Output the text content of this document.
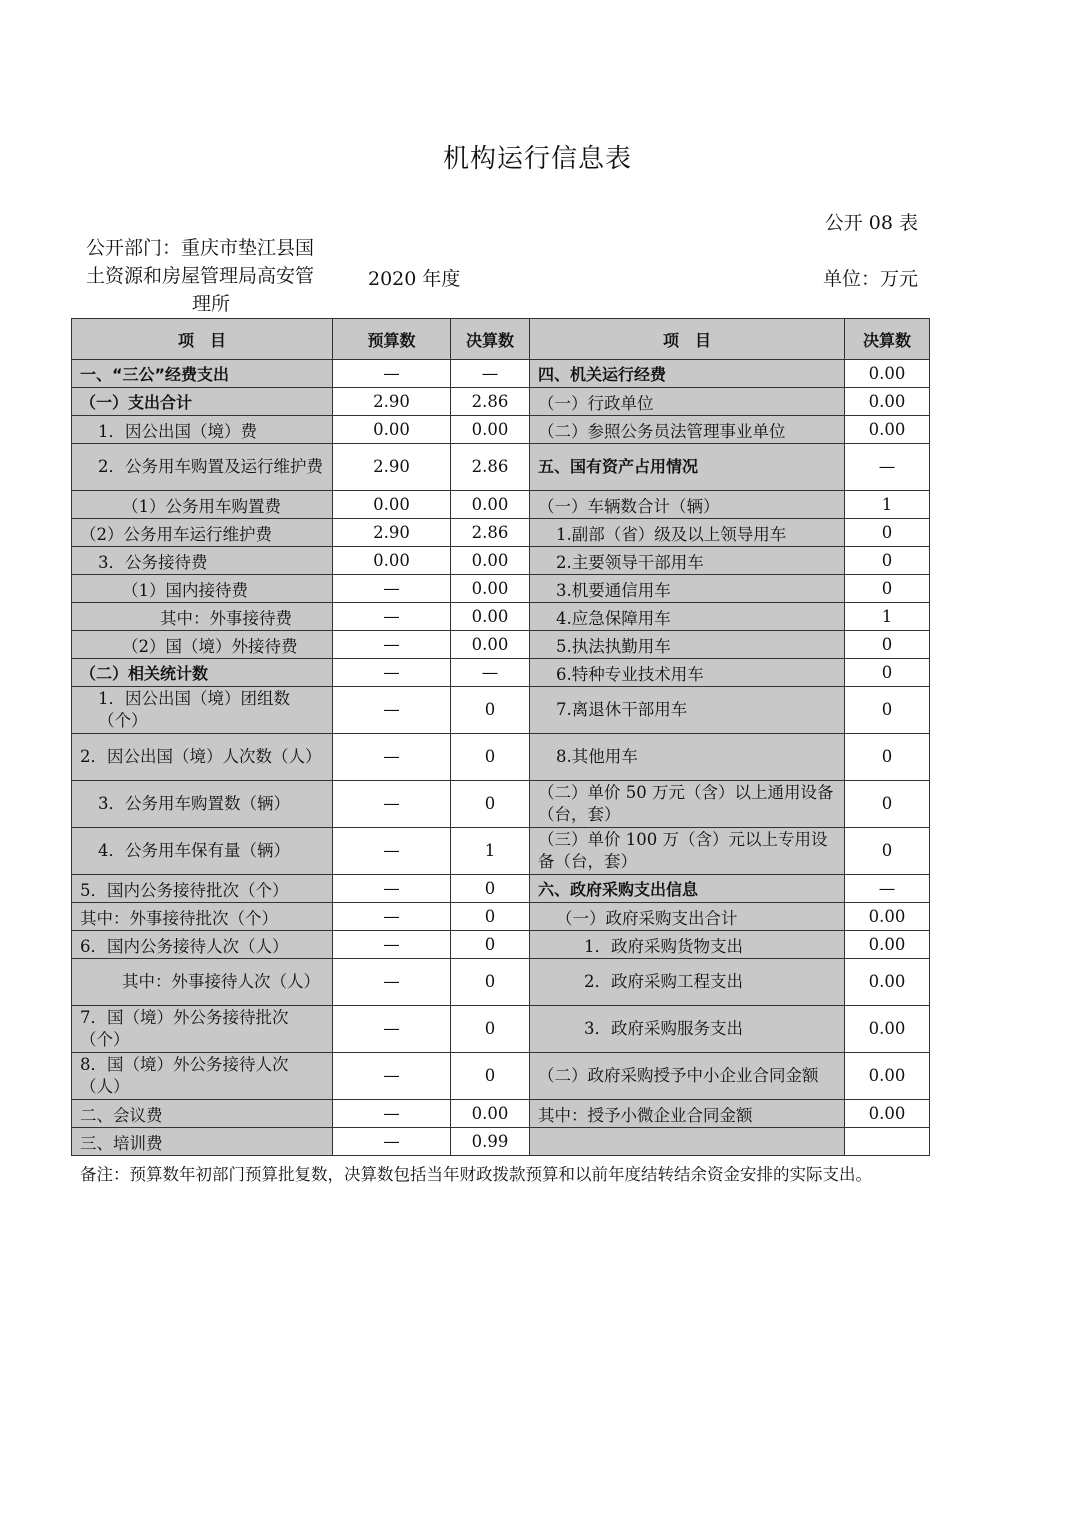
机构运行信息表
公开 08 表
公开部门：重庆市垫江县国
土资源和房屋管理局高安管
理所
2020 年度	单位：万元
项　目	预算数	决算数	项　目	决算数
一、“三公”经费支出	—	—	四、机关运行经费	0.00
（一）支出合计	2.90	2.86	（一）行政单位	0.00
1．因公出国（境）费	0.00	0.00	（二）参照公务员法管理事业单位	0.00
2．公务用车购置及运行维护费	2.90	2.86	五、国有资产占用情况	—
（1）公务用车购置费	0.00	0.00	（一）车辆数合计（辆）	1
（2）公务用车运行维护费	2.90	2.86	1.副部（省）级及以上领导用车	0
3．公务接待费	0.00	0.00	2.主要领导干部用车	0
（1）国内接待费	—	0.00	3.机要通信用车	0
其中：外事接待费	—	0.00	4.应急保障用车	1
（2）国（境）外接待费	—	0.00	5.执法执勤用车	0
（二）相关统计数	—	—	6.特种专业技术用车	0
1．因公出国（境）团组数（个）	—	0	7.离退休干部用车	0
2．因公出国（境）人次数（人）	—	0	8.其他用车	0
3．公务用车购置数（辆）	—	0	（二）单价 50 万元（含）以上通用设备（台，套）	0
4．公务用车保有量（辆）	—	1	（三）单价 100 万（含）元以上专用设备（台，套）	0
5．国内公务接待批次（个）	—	0	六、政府采购支出信息	—
其中：外事接待批次（个）	—	0	（一）政府采购支出合计	0.00
6．国内公务接待人次（人）	—	0	1．政府采购货物支出	0.00
其中：外事接待人次（人）	—	0	2．政府采购工程支出	0.00
7．国（境）外公务接待批次（个）	—	0	3．政府采购服务支出	0.00
8．国（境）外公务接待人次（人）	—	0	（二）政府采购授予中小企业合同金额	0.00
二、会议费	—	0.00	其中：授予小微企业合同金额	0.00
三、培训费	—	0.99		
备注：预算数年初部门预算批复数，决算数包括当年财政拨款预算和以前年度结转结余资金安排的实际支出。
